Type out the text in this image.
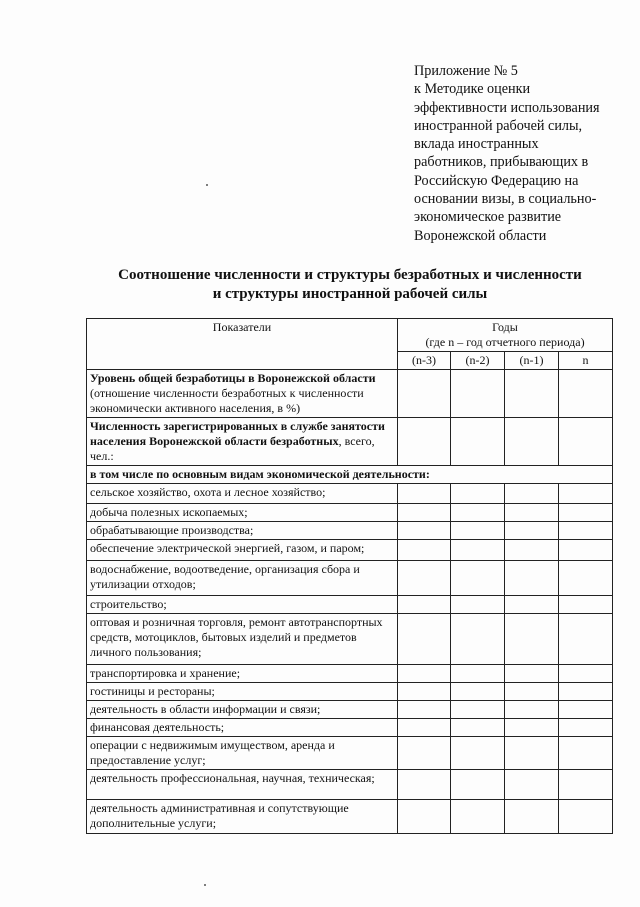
Приложение № 5
к Методике оценки
эффективности использования
иностранной рабочей силы,
вклада иностранных
работников, прибывающих в
Российскую Федерацию на
основании визы, в социально-
экономическое развитие
Воронежской области
Соотношение численности и структуры безработных и численности
и структуры иностранной рабочей силы
Показатели	Годы
(где n – год отчетного периода)			

	(n-3)	(n-2)	(n-1)	n
Уровень общей безработицы в Воронежской области (отношение численности безработных к численности экономически активного населения, в %)				
Численность зарегистрированных в службе занятости населения Воронежской области безработных, всего, чел.:				
в том числе по основным видам экономической деятельности:				
сельское хозяйство, охота и лесное хозяйство;				
добыча полезных ископаемых;				
обрабатывающие производства;				
обеспечение электрической энергией, газом, и паром;				
водоснабжение, водоотведение, организация сбора и утилизации отходов;				
строительство;				
оптовая и розничная торговля, ремонт автотранспортных средств, мотоциклов, бытовых изделий и предметов личного пользования;				
транспортировка и хранение;				
гостиницы и рестораны;				
деятельность в области информации и связи;				
финансовая деятельность;				
операции с недвижимым имуществом, аренда и предоставление услуг;				
деятельность профессиональная, научная, техническая;				
деятельность административная и сопутствующие дополнительные услуги;				
